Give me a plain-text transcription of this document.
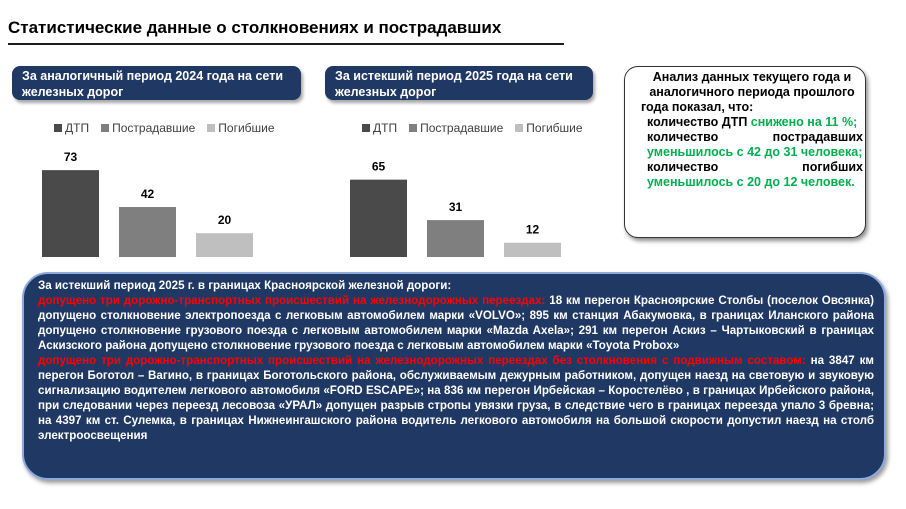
Статистические данные о столкновениях и пострадавших
За аналогичный период 2024 года на сети железных дорог
ДТП Пострадавшие Погибшие
73
42
20
За истекший период 2025 года на сети железных дорог
ДТП Пострадавшие Погибшие
65
31
12

Анализ данных текущего года и аналогичного периода прошлого года показал, что:

количество ДТП снижено на 11 %;

количество пострадавших уменьшилось с 42 до 31 человека;

количество погибших уменьшилось с 20 до 12 человек.

За истекший период 2025 г. в границах Красноярской железной дороги:
допущено три дорожно-транспортных происшествий на железнодорожных переездах: 18 км перегон Красноярские Столбы (поселок Овсянка) допущено столкновение электропоезда с легковым автомобилем марки «VOLVO»; 895 км станция Абакумовка, в границах Иланского района допущено столкновение грузового поезда с легковым автомобилем марки «Mazda Axela»; 291 км перегон Аскиз – Чартыковский в границах Аскизского района допущено столкновение грузового поезда с легковым автомобилем марки «Toyota Probox»
допущено три дорожно-транспортных происшествий на железнодорожных переездах без столкновения с подвижным составом: на 3847 км перегон Боготол – Вагино, в границах Боготольского района, обслуживаемым дежурным работником, допущен наезд на световую и звуковую сигнализацию водителем легкового автомобиля «FORD ESCAPE»; на 836 км перегон Ирбейская – Коростелёво , в границах Ирбейского района, при следовании через переезд лесовоза «УРАЛ» допущен разрыв стропы увязки груза, в следствие чего в границах переезда упало 3 бревна; на 4397 км ст. Сулемка, в границах Нижнеингашского района водитель легкового автомобиля на большой скорости допустил наезд на столб электроосвещения
